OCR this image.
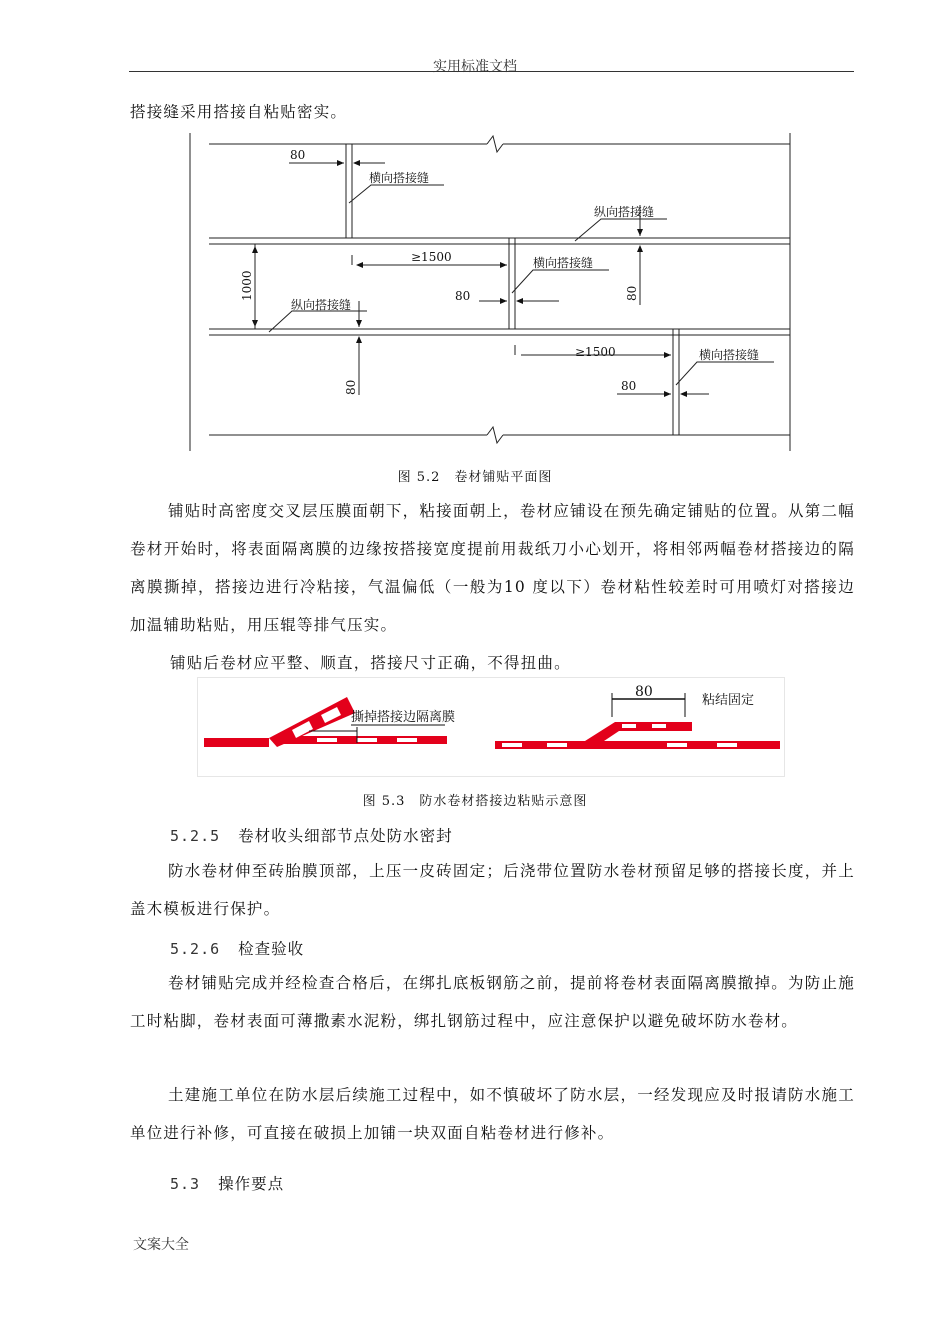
实用标准文档
搭接缝采用搭接自粘贴密实。
80
横向搭接缝
纵向搭接缝
≥1500	横向搭接缝
1000	80	80
纵向搭接缝
≥1500	横向搭接缝
80	80
图 5.2　卷材铺贴平面图
铺贴时高密度交叉层压膜面朝下，粘接面朝上，卷材应铺设在预先确定铺贴的位置。从第二幅卷材开始时，将表面隔离膜的边缘按搭接宽度提前用裁纸刀小心划开，将相邻两幅卷材搭接边的隔离膜撕掉，搭接边进行冷粘接，气温偏低（一般为10 度以下）卷材粘性较差时可用喷灯对搭接边加温辅助粘贴，用压辊等排气压实。
铺贴后卷材应平整、顺直，搭接尺寸正确，不得扭曲。
撕掉搭接边隔离膜
80
粘结固定
图 5.3　防水卷材搭接边粘贴示意图
5.2.5 卷材收头细部节点处防水密封
防水卷材伸至砖胎膜顶部，上压一皮砖固定；后浇带位置防水卷材预留足够的搭接长度，并上盖木模板进行保护。
5.2.6 检查验收
卷材铺贴完成并经检查合格后，在绑扎底板钢筋之前，提前将卷材表面隔离膜撤掉。为防止施工时粘脚，卷材表面可薄撒素水泥粉，绑扎钢筋过程中，应注意保护以避免破坏防水卷材。
土建施工单位在防水层后续施工过程中，如不慎破坏了防水层，一经发现应及时报请防水施工单位进行补修，可直接在破损上加铺一块双面自粘卷材进行修补。
5.3 操作要点
文案大全
